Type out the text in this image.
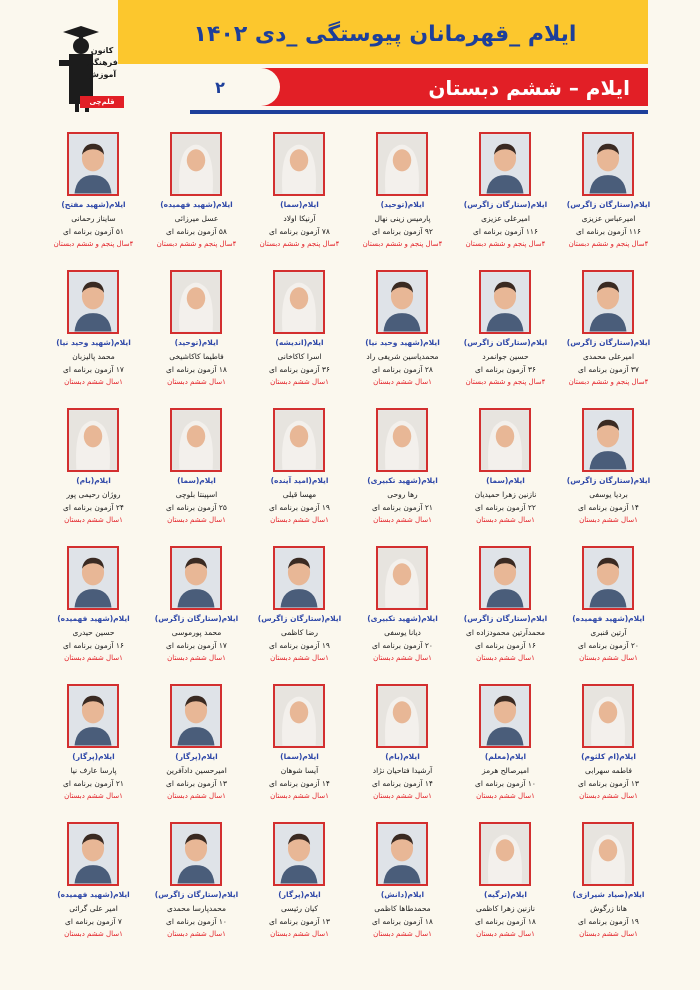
ایلام _قهرمانان پیوستگی _دی ۱۴۰۲
۲	ایلام – ششم دبستان
کانون
فرهنگی
آموزش
قلم‌چی
ایلام(ستارگان زاگرس)
امیرعباس عزیزی
۱۱۶ آزمون برنامه ای
۴سال پنجم و ششم دبستان
ایلام(ستارگان زاگرس)
امیرعلی عزیزی
۱۱۶ آزمون برنامه ای
۴سال پنجم و ششم دبستان
ایلام(توحید)
پارمیس زینی نهال
۹۲ آزمون برنامه ای
۴سال پنجم و ششم دبستان
ایلام(سما)
آرنیکا اولاد
۷۸ آزمون برنامه ای
۴سال پنجم و ششم دبستان
ایلام(شهید فهمیده)
عسل میرزائی
۵۸ آزمون برنامه ای
۴سال پنجم و ششم دبستان
ایلام(شهید مفتح)
سایناز رحمانی
۵۱ آزمون برنامه ای
۴سال پنجم و ششم دبستان
ایلام(ستارگان زاگرس)
امیرعلی محمدی
۳۷ آزمون برنامه ای
۴سال پنجم و ششم دبستان
ایلام(ستارگان زاگرس)
حسین جوانمرد
۳۶ آزمون برنامه ای
۴سال پنجم و ششم دبستان
ایلام(شهید وحید نیا)
محمدیاسین شریفی راد
۲۸ آزمون برنامه ای
۱سال ششم دبستان
ایلام(اندیشه)
اسرا کاکاخانی
۳۶ آزمون برنامه ای
۱سال ششم دبستان
ایلام(توحید)
فاطیما کاکاشیخی
۱۸ آزمون برنامه ای
۱سال ششم دبستان
ایلام(شهید وحید نیا)
محمد پالیزبان
۱۷ آزمون برنامه ای
۱سال ششم دبستان
ایلام(ستارگان زاگرس)
بردیا یوسفی
۱۴ آزمون برنامه ای
۱سال ششم دبستان
ایلام(سما)
نازنین زهرا حمیدیان
۲۲ آزمون برنامه ای
۱سال ششم دبستان
ایلام(شهید تکبیری)
رها روحی
۲۱ آزمون برنامه ای
۱سال ششم دبستان
ایلام(امید آینده)
مهسا قیلی
۱۹ آزمون برنامه ای
۱سال ششم دبستان
ایلام(سما)
اسپینتا بلوچی
۲۵ آزمون برنامه ای
۱سال ششم دبستان
ایلام(بام)
روژان رحیمی پور
۲۴ آزمون برنامه ای
۱سال ششم دبستان
ایلام(شهید فهمیده)
آرتین قنبری
۲۰ آزمون برنامه ای
۱سال ششم دبستان
ایلام(ستارگان زاگرس)
محمدآرتین محمودزاده ای
۱۶ آزمون برنامه ای
۱سال ششم دبستان
ایلام(شهید تکبیری)
دیانا یوسفی
۲۰ آزمون برنامه ای
۱سال ششم دبستان
ایلام(ستارگان زاگرس)
رضا کاظمی
۱۹ آزمون برنامه ای
۱سال ششم دبستان
ایلام(ستارگان زاگرس)
محمد پورموسی
۱۷ آزمون برنامه ای
۱سال ششم دبستان
ایلام(شهید فهمیده)
حسین حیدری
۱۶ آزمون برنامه ای
۱سال ششم دبستان
ایلام(ام کلثوم)
فاطمه سهرابی
۱۳ آزمون برنامه ای
۱سال ششم دبستان
ایلام(معلم)
امیرصالح هرمز
۱۰ آزمون برنامه ای
۱سال ششم دبستان
ایلام(بام)
آرشیدا فتاحیان نژاد
۱۴ آزمون برنامه ای
۱سال ششم دبستان
ایلام(سما)
آیسا شوهان
۱۴ آزمون برنامه ای
۱سال ششم دبستان
ایلام(پرگار)
امیرحسین دادآفرین
۱۳ آزمون برنامه ای
۱سال ششم دبستان
ایلام(پرگار)
پارسا عارف نیا
۲۱ آزمون برنامه ای
۱سال ششم دبستان
ایلام(صیاد شیرازی)
هانا زرگوش
۱۹ آزمون برنامه ای
۱سال ششم دبستان
ایلام(ترگیه)
نازنین زهرا کاظمی
۱۸ آزمون برنامه ای
۱سال ششم دبستان
ایلام(دانش)
محمدطاها کاظمی
۱۸ آزمون برنامه ای
۱سال ششم دبستان
ایلام(پرگار)
کیان رئیسی
۱۳ آزمون برنامه ای
۱سال ششم دبستان
ایلام(ستارگان زاگرس)
محمدپارسا محمدی
۱۰ آزمون برنامه ای
۱سال ششم دبستان
ایلام(شهید فهمیده)
امیر علی گرائی
۷ آزمون برنامه ای
۱سال ششم دبستان
